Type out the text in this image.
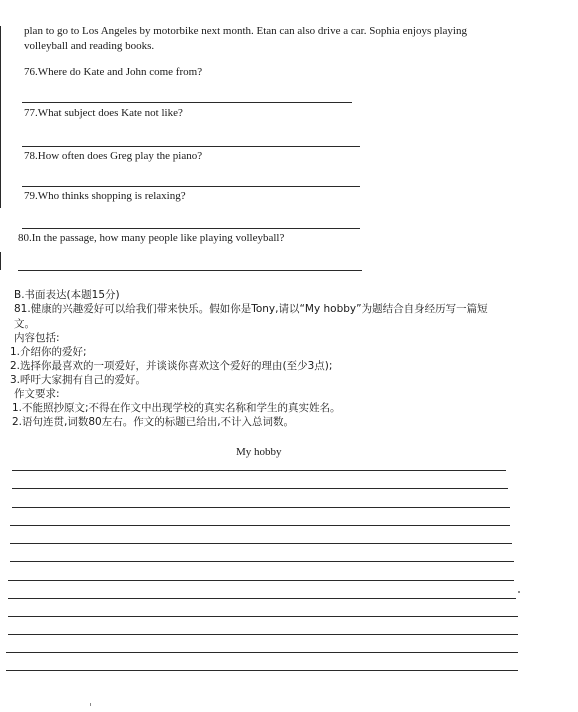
plan to go to Los Angeles by motorbike next month. Etan can also drive a car. Sophia enjoys playing
volleyball and reading books.
76.Where do Kate and John come from?
77.What subject does Kate not like?
78.How often does Greg play the piano?
79.Who thinks shopping is relaxing?
80.In the passage, how many people like playing volleyball?
B.书面表达(本题15分)
81.健康的兴趣爱好可以给我们带来快乐。假如你是Tony,请以“My hobby”为题结合自身经历写一篇短
文。
内容包括:
1.介绍你的爱好;
2.选择你最喜欢的一项爱好，并谈谈你喜欢这个爱好的理由(至少3点);
3.呼吁大家拥有自己的爱好。
作文要求:
1.不能照抄原文;不得在作文中出现学校的真实名称和学生的真实姓名。
2.语句连贯,词数80左右。作文的标题已给出,不计入总词数。
My hobby
